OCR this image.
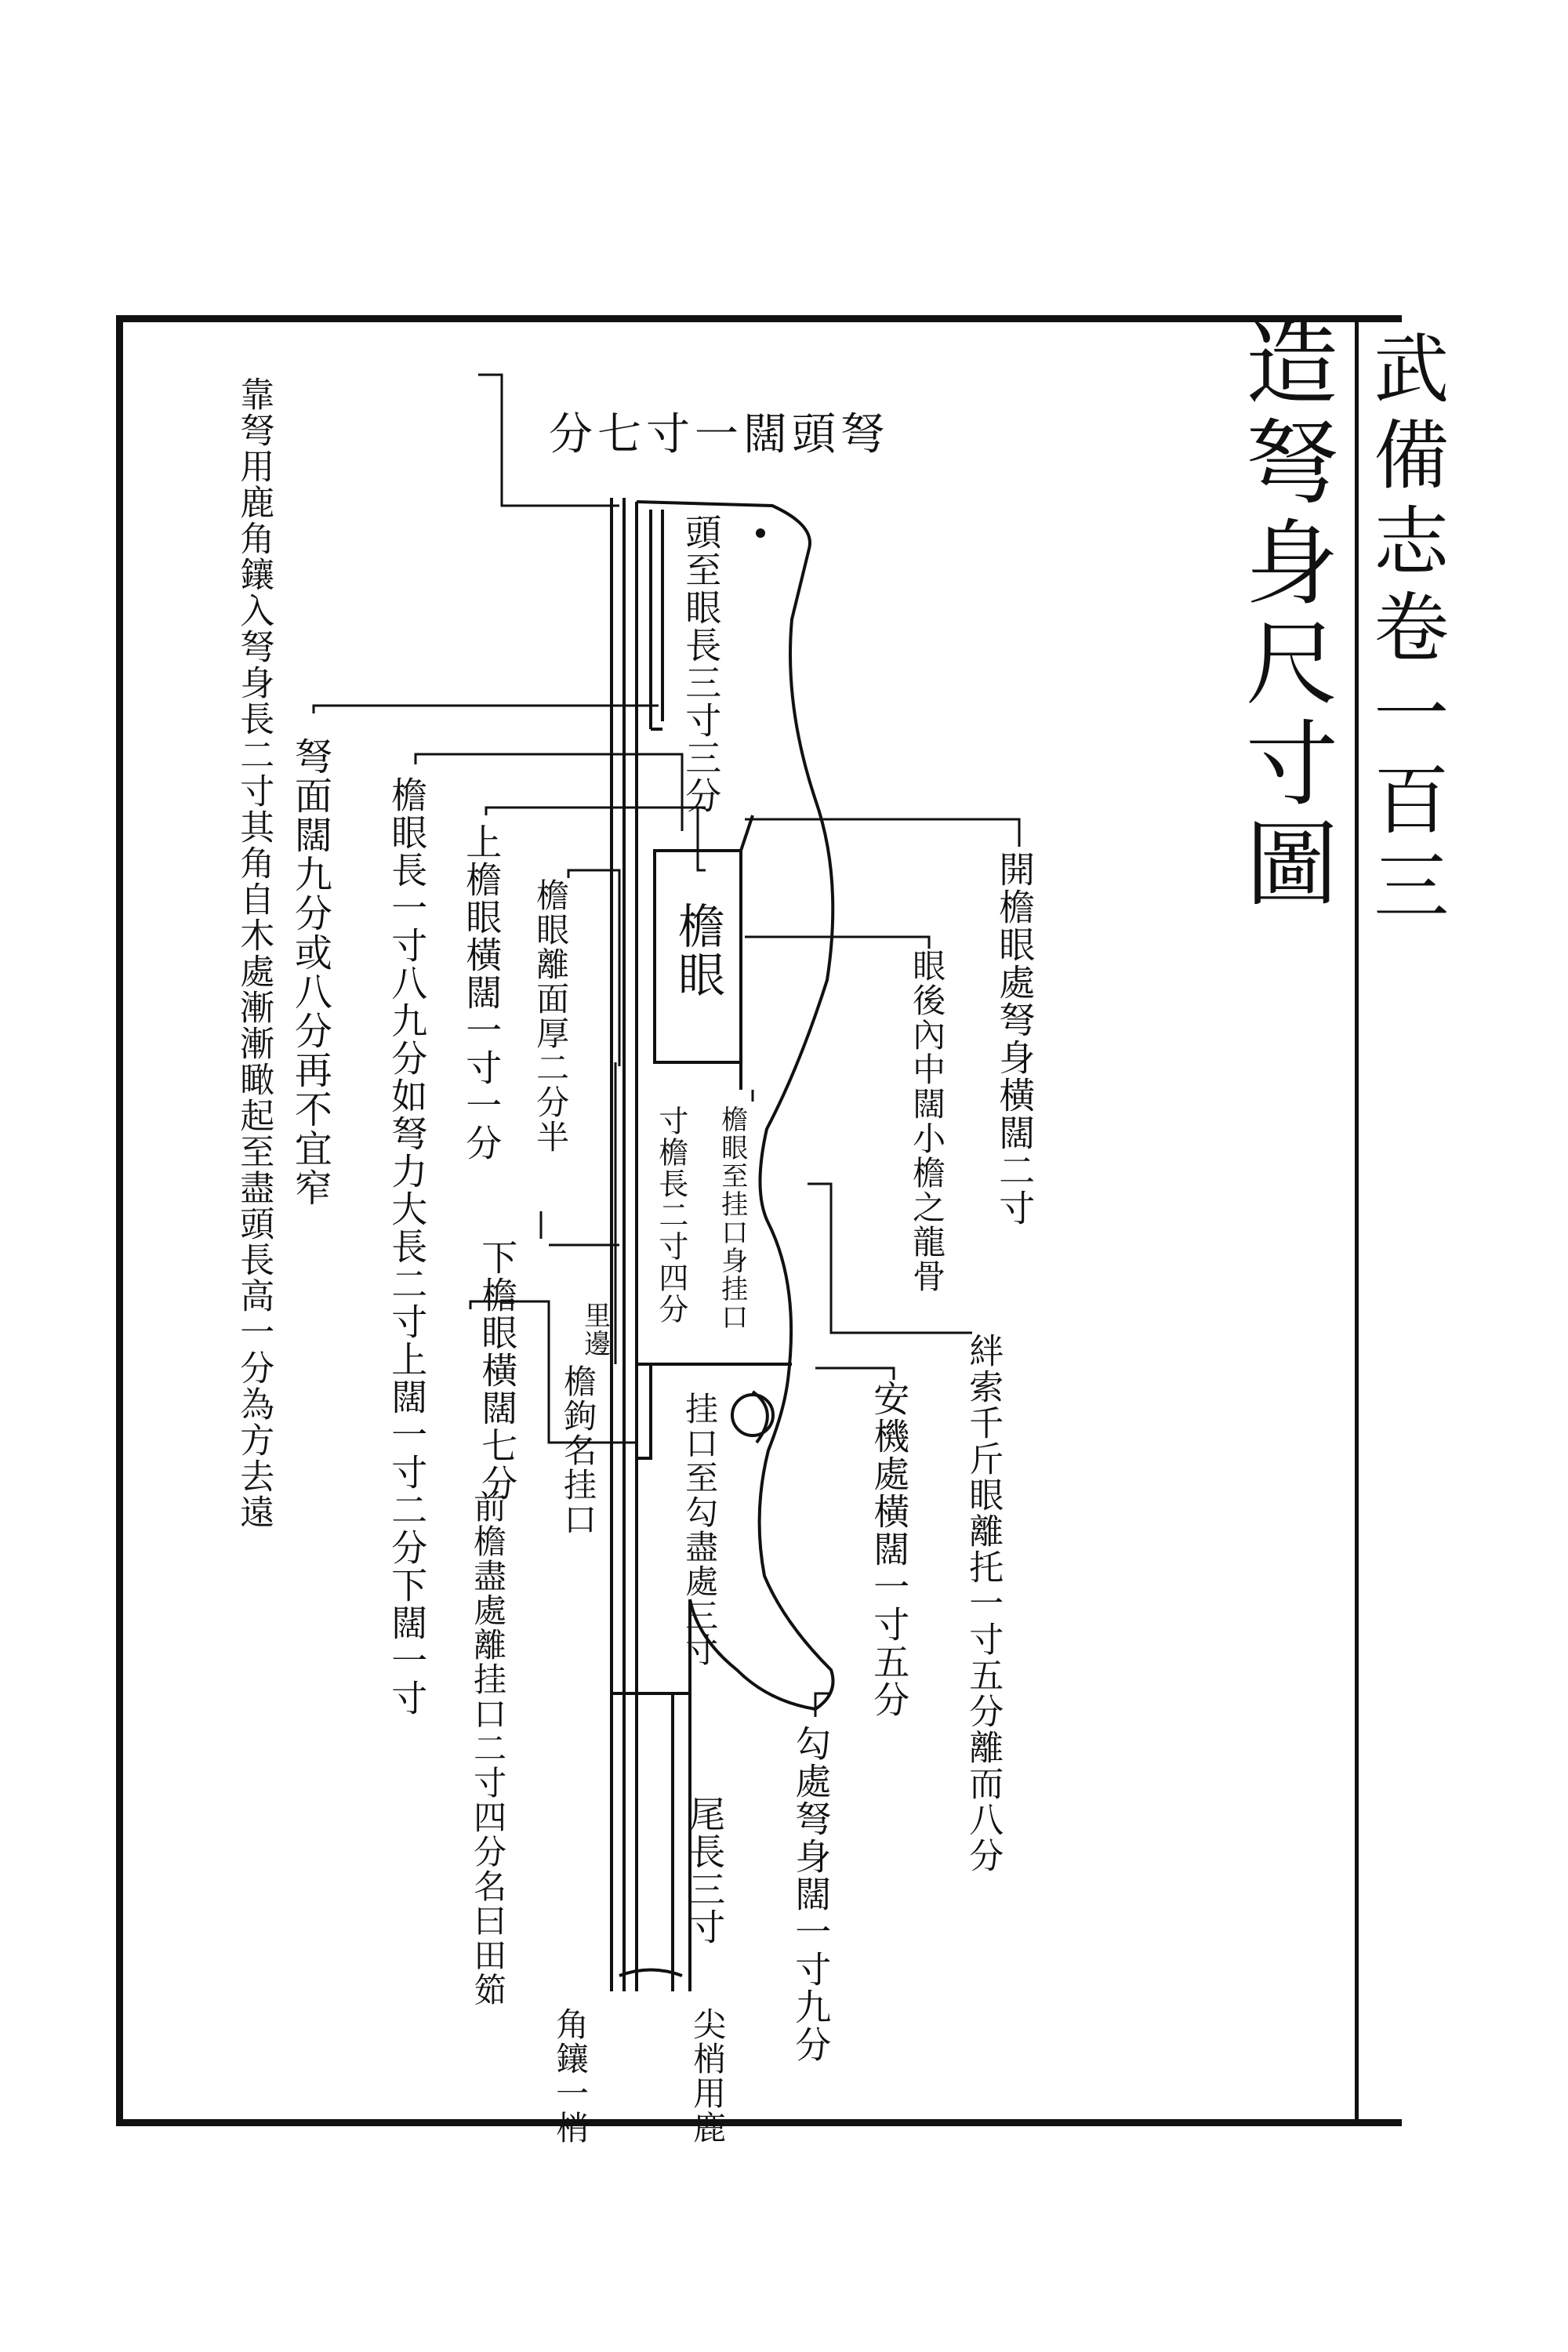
武備志卷一百三
造弩身尺寸圖
弩頭闊一寸七分
靠弩用鹿角鑲入弩身長二寸其角自木處漸漸瞰起至盡頭長高一分為方去遠 弩面闊九分或八分再不宜窄 檐眼長一寸八九分如弩力大長二寸上闊一寸二分下闊一寸 上檐眼橫闊一寸一分 檐眼離面厚二分半
頭至眼長三寸三分
檐眼	開檐眼處弩身橫闊二寸
眼後內中闊小檐之龍骨
檐眼至挂口身挂口
寸檐長二寸四分
下檐眼橫闊七分 里邊
檐鉤名挂口	挂口至勾盡處三寸
前檐盡處離挂口二寸四分名曰田筎	安機處橫闊一寸五分 絆索千斤眼離托一寸五分離而八分
勾處弩身闊一寸九分
尾長三寸
尖梢用鹿
角鑲一梢
